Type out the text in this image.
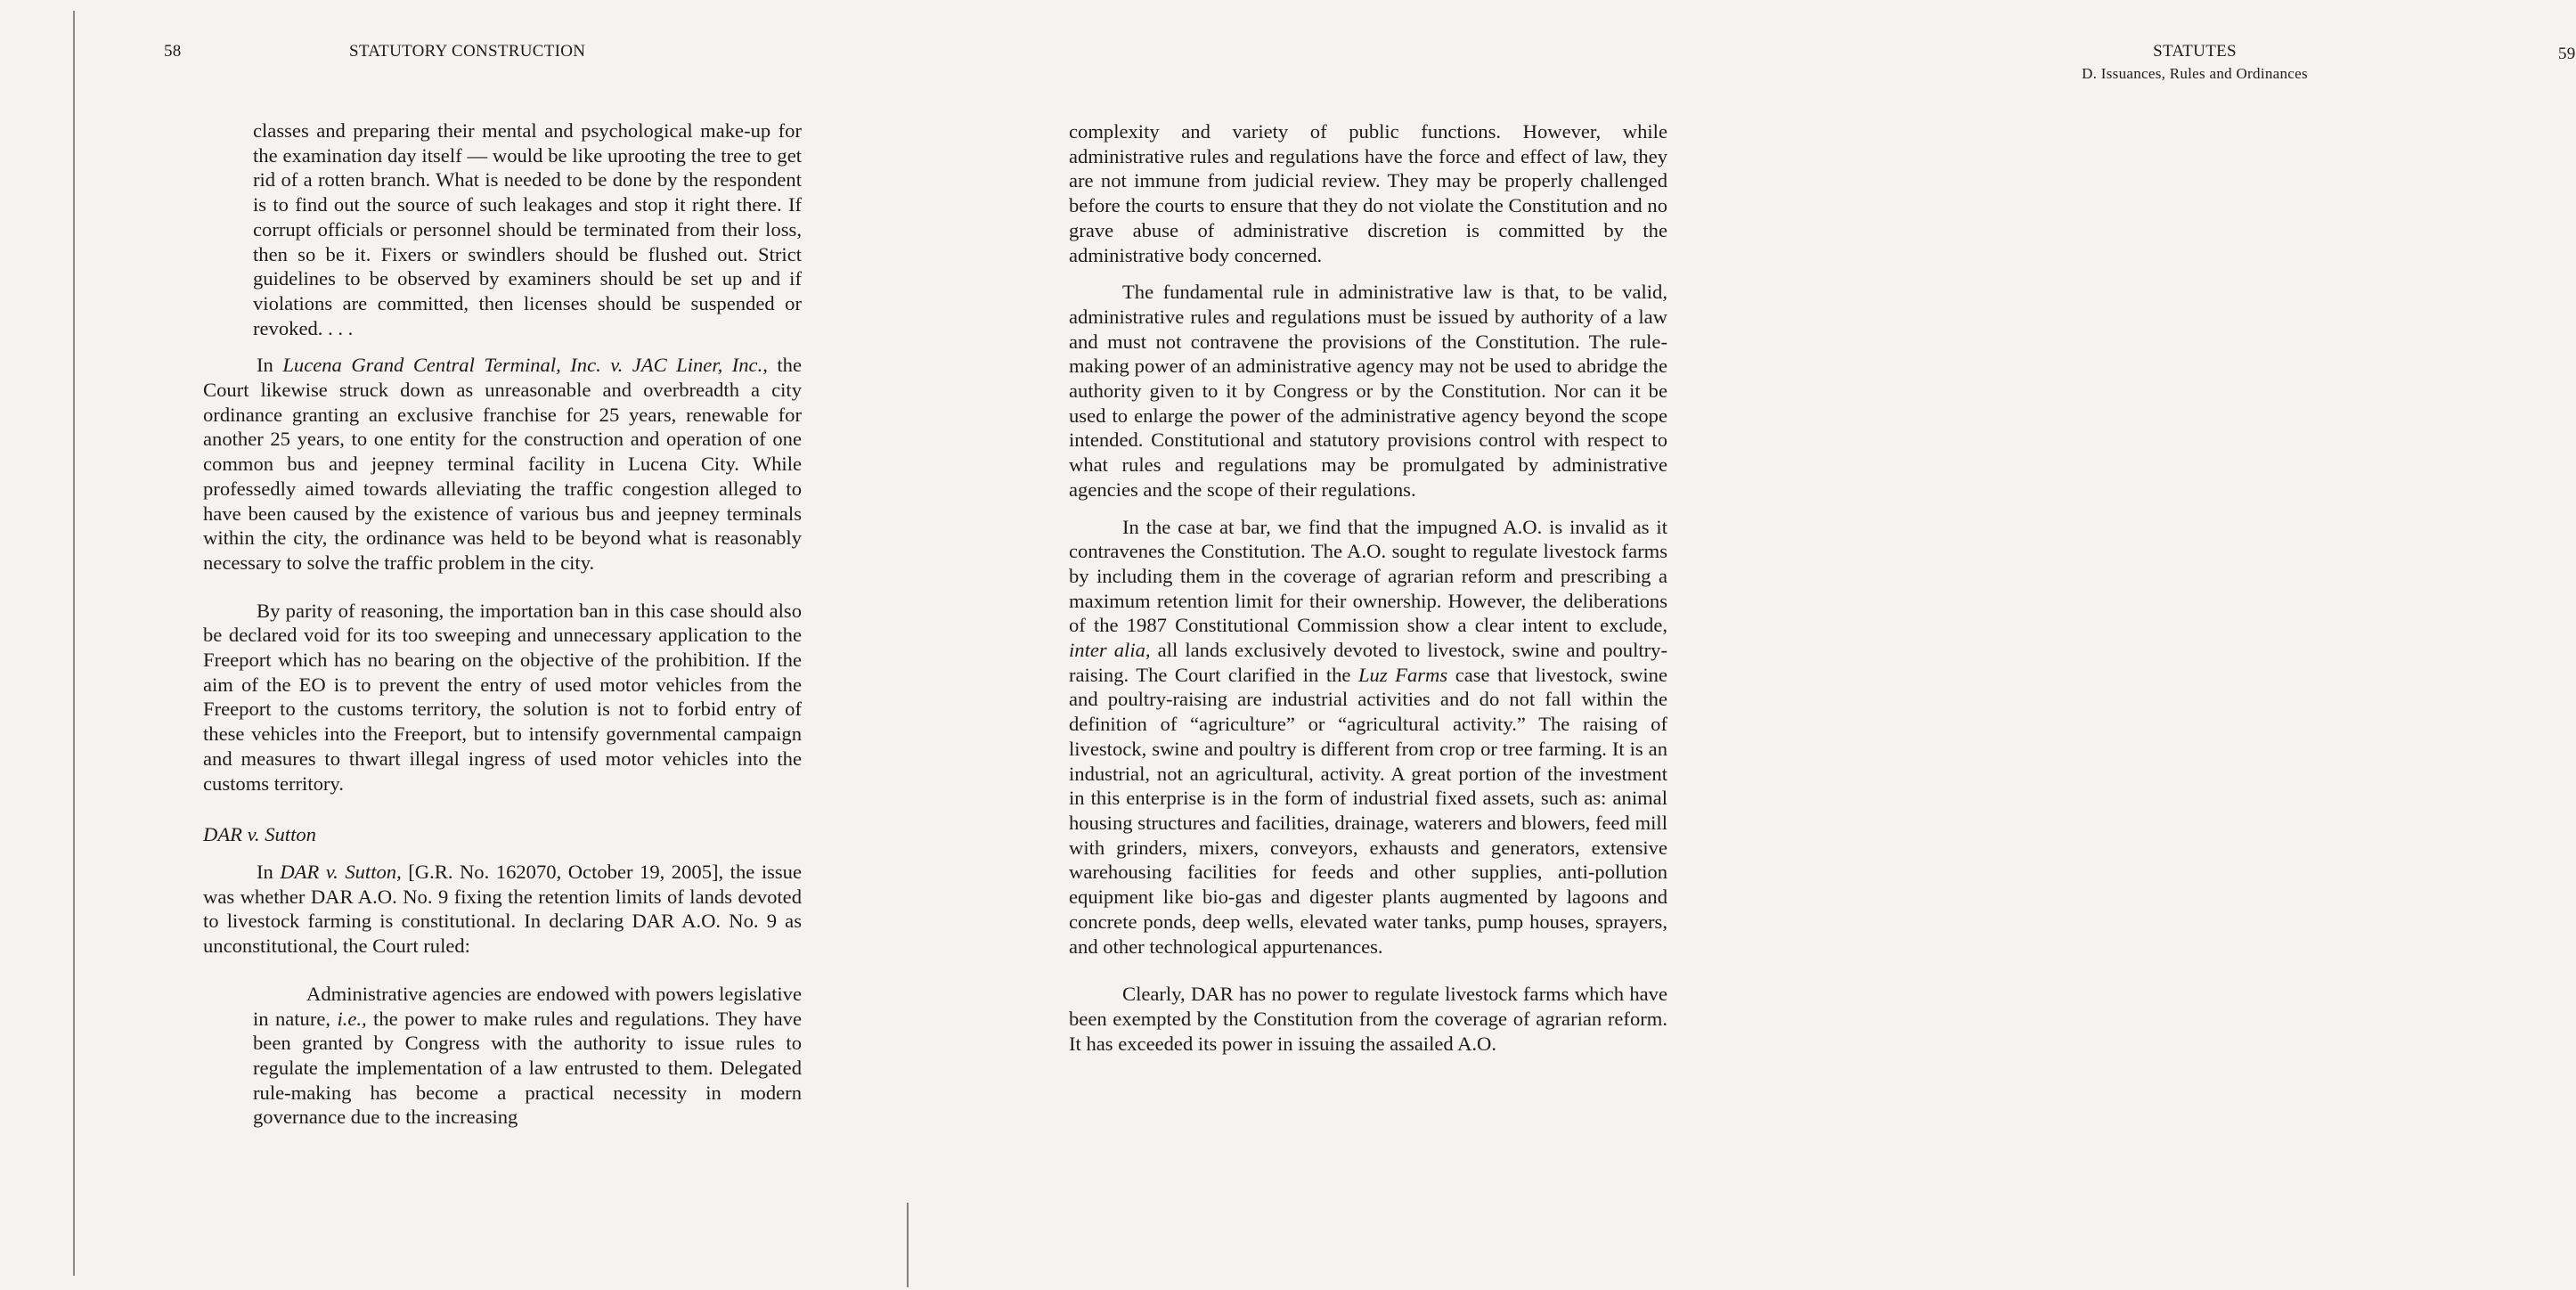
58	STATUTORY CONSTRUCTION

classes and preparing their mental and psychological make-up for the examination day itself — would be like uprooting the tree to get rid of a rotten branch. What is needed to be done by the respondent is to find out the source of such leakages and stop it right there. If corrupt officials or personnel should be terminated from their loss, then so be it. Fixers or swindlers should be flushed out. Strict guidelines to be observed by examiners should be set up and if violations are committed, then licenses should be suspended or revoked. . . .

In Lucena Grand Central Terminal, Inc. v. JAC Liner, Inc., the Court likewise struck down as unreasonable and overbreadth a city ordinance granting an exclusive franchise for 25 years, renewable for another 25 years, to one entity for the construction and operation of one common bus and jeepney terminal facility in Lucena City. While professedly aimed towards alleviating the traffic congestion alleged to have been caused by the existence of various bus and jeepney terminals within the city, the ordinance was held to be beyond what is reasonably necessary to solve the traffic problem in the city.

By parity of reasoning, the importation ban in this case should also be declared void for its too sweeping and unnecessary application to the Freeport which has no bearing on the objective of the prohibition. If the aim of the EO is to prevent the entry of used motor vehicles from the Freeport to the customs territory, the solution is not to forbid entry of these vehicles into the Freeport, but to intensify governmental campaign and measures to thwart illegal ingress of used motor vehicles into the customs territory.

DAR v. Sutton

In DAR v. Sutton, [G.R. No. 162070, October 19, 2005], the issue was whether DAR A.O. No. 9 fixing the retention limits of lands devoted to livestock farming is constitutional. In declaring DAR A.O. No. 9 as unconstitutional, the Court ruled:

Administrative agencies are endowed with powers legislative in nature, i.e., the power to make rules and regulations. They have been granted by Congress with the authority to issue rules to regulate the implementation of a law entrusted to them. Delegated rule-making has become a practical necessity in modern governance due to the increasing

STATUTES
D. Issuances, Rules and Ordinances
59

complexity and variety of public functions. However, while administrative rules and regulations have the force and effect of law, they are not immune from judicial review. They may be properly challenged before the courts to ensure that they do not violate the Constitution and no grave abuse of administrative discretion is committed by the administrative body concerned.

The fundamental rule in administrative law is that, to be valid, administrative rules and regulations must be issued by authority of a law and must not contravene the provisions of the Constitution. The rule-making power of an administrative agency may not be used to abridge the authority given to it by Congress or by the Constitution. Nor can it be used to enlarge the power of the administrative agency beyond the scope intended. Constitutional and statutory provisions control with respect to what rules and regulations may be promulgated by administrative agencies and the scope of their regulations.

In the case at bar, we find that the impugned A.O. is invalid as it contravenes the Constitution. The A.O. sought to regulate livestock farms by including them in the coverage of agrarian reform and prescribing a maximum retention limit for their ownership. However, the deliberations of the 1987 Constitutional Commission show a clear intent to exclude, inter alia, all lands exclusively devoted to livestock, swine and poultry-raising. The Court clarified in the Luz Farms case that livestock, swine and poultry-raising are industrial activities and do not fall within the definition of “agriculture” or “agricultural activity.” The raising of livestock, swine and poultry is different from crop or tree farming. It is an industrial, not an agricultural, activity. A great portion of the investment in this enterprise is in the form of industrial fixed assets, such as: animal housing structures and facilities, drainage, waterers and blowers, feed mill with grinders, mixers, conveyors, exhausts and generators, extensive warehousing facilities for feeds and other supplies, anti-pollution equipment like bio-gas and digester plants augmented by lagoons and concrete ponds, deep wells, elevated water tanks, pump houses, sprayers, and other technological appurtenances.

Clearly, DAR has no power to regulate livestock farms which have been exempted by the Constitution from the coverage of agrarian reform. It has exceeded its power in issuing the assailed A.O.
